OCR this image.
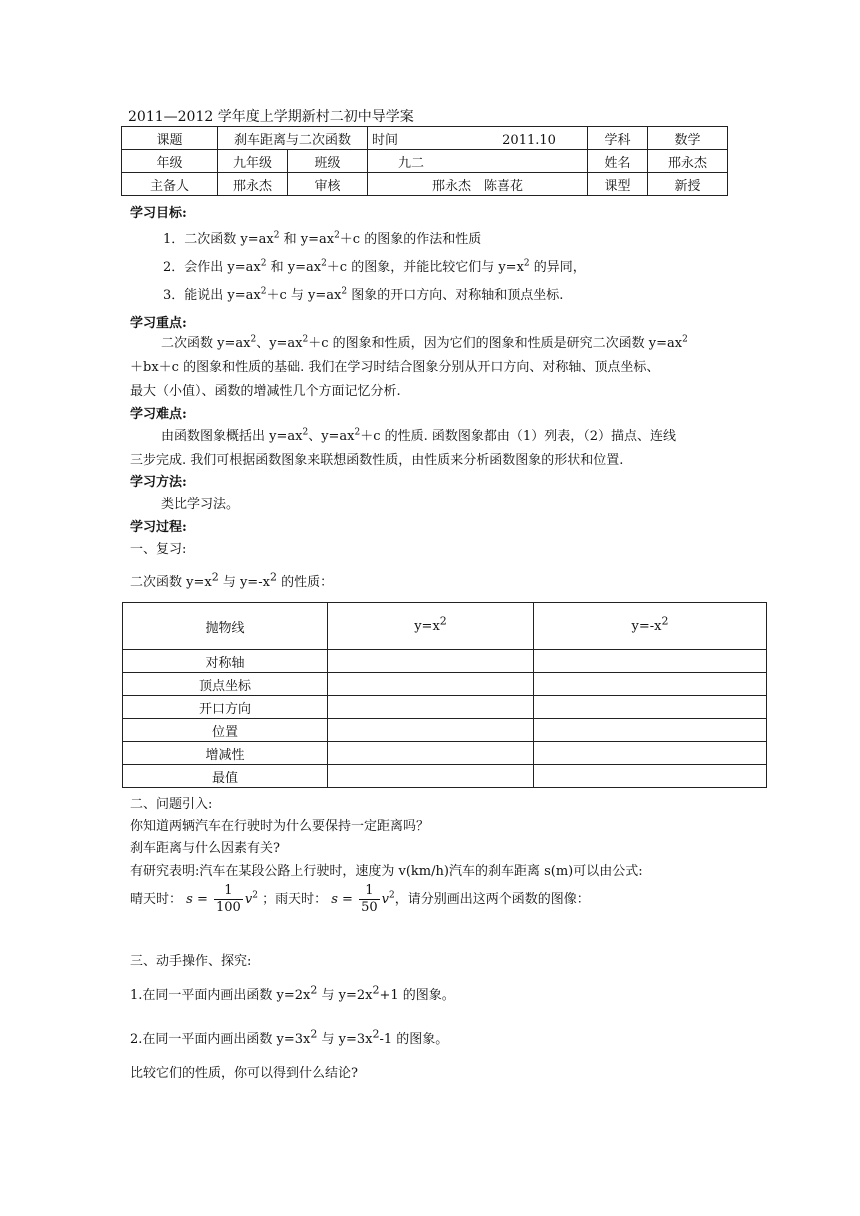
2011—2012 学年度上学期新村二初中导学案
课题	刹车距离与二次函数		时间 2011.10	学科	数学
年级	九年级	班级	九二	姓名	邢永杰
主备人	邢永杰	审核	邢永杰　陈喜花	课型	新授
学习目标:
1．二次函数 $y=ax^2$ 和 $y=ax^2+c$ 的图象的作法和性质
2．会作出 $y=ax^2$ 和 $y=ax^2+c$ 的图象，并能比较它们与 $y=x^2$ 的异同，
3．能说出 $y=ax^2+c$ 与 $y=ax^2$ 图象的开口方向、对称轴和顶点坐标.
学习重点:
二次函数 $y=ax^2$、$y=ax^2+c$ 的图象和性质，因为它们的图象和性质是研究二次函数 $y=ax^2$
＋bx＋c 的图象和性质的基础. 我们在学习时结合图象分别从开口方向、对称轴、顶点坐标、
最大（小值）、函数的增减性几个方面记忆分析.
学习难点:
由函数图象概括出 $y=ax^2$、$y=ax^2+c$ 的性质. 函数图象都由（1）列表，（2）描点、连线
三步完成. 我们可根据函数图象来联想函数性质，由性质来分析函数图象的形状和位置.
学习方法:
类比学习法。
学习过程:
一、复习:
二次函数 $y=x^2$ 与 $y=-x^2$ 的性质：
抛物线	$y=x^2$	$y=-x^2$
对称轴		
顶点坐标		
开口方向		
位置		
增减性		
最值		
二、问题引入:
你知道两辆汽车在行驶时为什么要保持一定距离吗？
刹车距离与什么因素有关?
有研究表明:汽车在某段公路上行驶时，速度为 v(km/h)汽车的刹车距离 s(m)可以由公式:
晴天时： $s = \frac{1}{100} v^2$ ；雨天时： $s = \frac{1}{50} v^2$，请分别画出这两个函数的图像：
三、动手操作、探究:
1.在同一平面内画出函数 $y=2x^2$ 与 $y=2x^2+1$ 的图象。
2.在同一平面内画出函数 $y=3x^2$ 与 $y=3x^2-1$ 的图象。
比较它们的性质，你可以得到什么结论?
